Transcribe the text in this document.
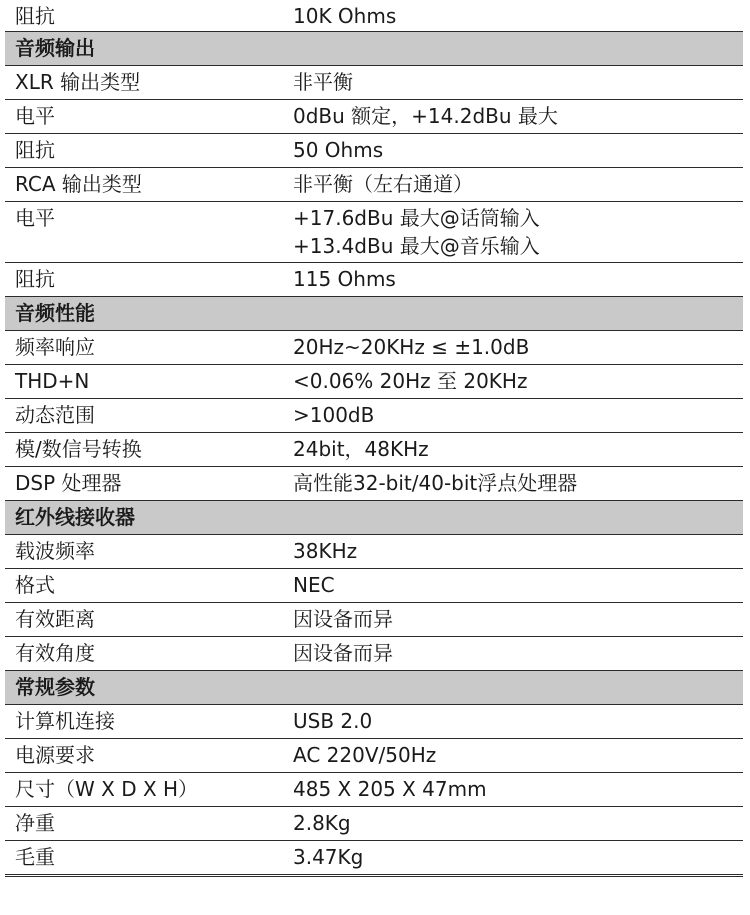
阻抗	10K Ohms
音频输出
XLR 输出类型	非平衡
电平	0dBu 额定，+14.2dBu 最大
阻抗	50 Ohms
RCA 输出类型	非平衡（左右通道）
电平	+17.6dBu 最大@话筒输入
+13.4dBu 最大@音乐输入
阻抗	115 Ohms
音频性能
频率响应	20Hz~20KHz ≤ ±1.0dB
THD+N	<0.06% 20Hz 至 20KHz
动态范围	>100dB
模/数信号转换	24bit，48KHz
DSP 处理器	高性能32-bit/40-bit浮点处理器
红外线接收器
载波频率	38KHz
格式	NEC
有效距离	因设备而异
有效角度	因设备而异
常规参数
计算机连接	USB 2.0
电源要求	AC 220V/50Hz
尺寸（W X D X H）	485 X 205 X 47mm
净重	2.8Kg
毛重	3.47Kg
